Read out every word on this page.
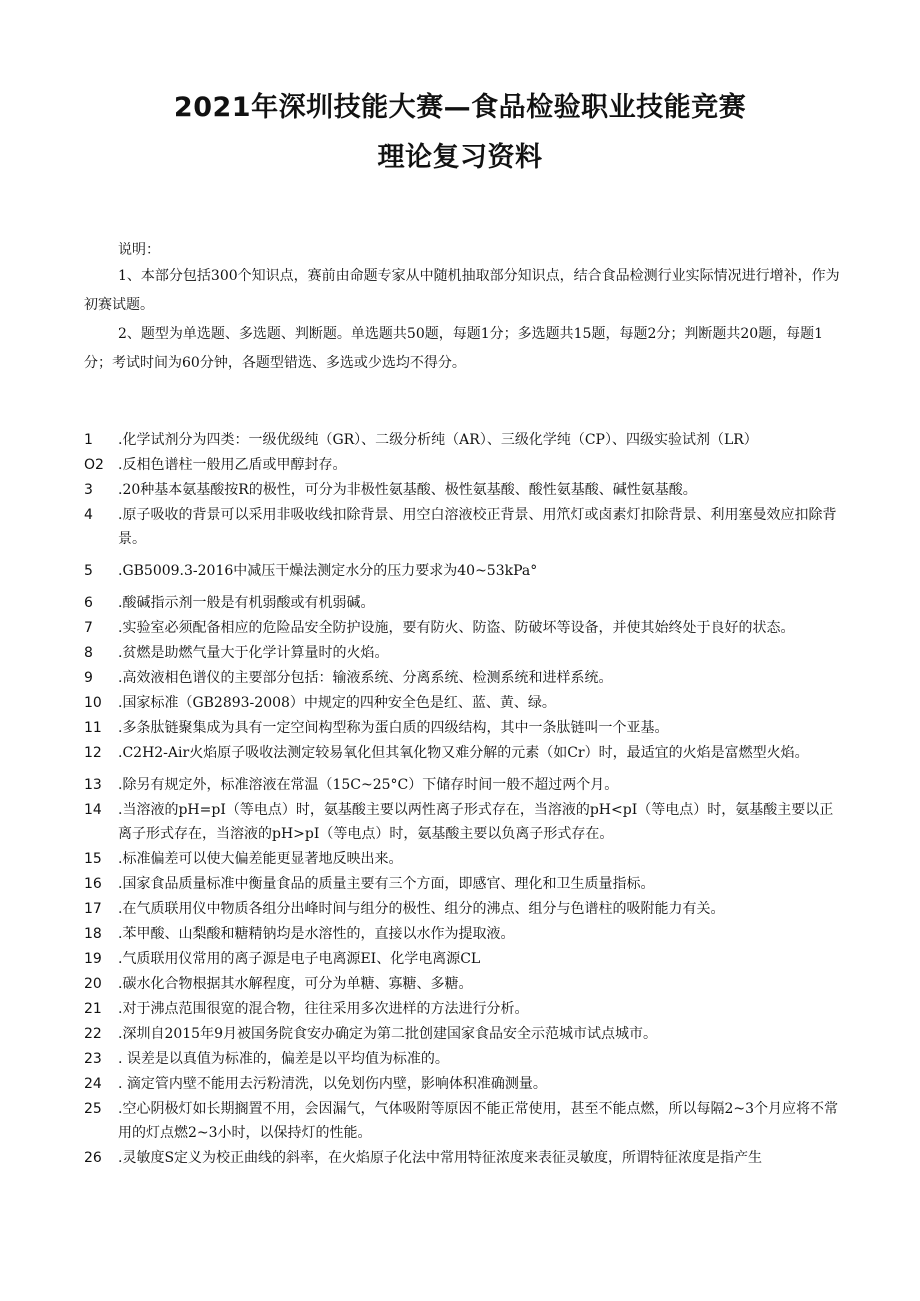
2021年深圳技能大赛—食品检验职业技能竞赛
理论复习资料

说明：

1、本部分包括300个知识点，赛前由命题专家从中随机抽取部分知识点，结合食品检测行业实际情况进行增补，作为初赛试题。

2、题型为单选题、多选题、判断题。单选题共50题，每题1分；多选题共15题，每题2分；判断题共20题，每题1分；考试时间为60分钟，各题型错选、多选或少选均不得分。

1	.化学试剂分为四类：一级优级纯（GR）、二级分析纯（AR）、三级化学纯（CP）、四级实验试剂（LR）
O2	.反相色谱柱一般用乙盾或甲醇封存。
3	.20种基本氨基酸按R的极性，可分为非极性氨基酸、极性氨基酸、酸性氨基酸、碱性氨基酸。
4	.原子吸收的背景可以采用非吸收线扣除背景、用空白溶液校正背景、用笊灯或卤素灯扣除背景、利用塞曼效应扣除背景。
5	.GB5009.3-2016中减压干燥法测定水分的压力要求为40~53kPa°
6	.酸碱指示剂一般是有机弱酸或有机弱碱。
7	.实验室必须配备相应的危险品安全防护设施，要有防火、防盗、防破坏等设备，并使其始终处于良好的状态。
8	.贫燃是助燃气量大于化学计算量时的火焰。
9	.高效液相色谱仪的主要部分包括：输液系统、分离系统、检测系统和进样系统。
10	.国家标准（GB2893-2008）中规定的四种安全色是红、蓝、黄、绿。
11	.多条肽链聚集成为具有一定空间构型称为蛋白质的四级结构，其中一条肽链叫一个亚基。
12	.C2H2-Air火焰原子吸收法测定较易氧化但其氧化物又难分解的元素（如Cr）时，最适宜的火焰是富燃型火焰。
13	.除另有规定外，标准溶液在常温（15C~25°C）下储存时间一般不超过两个月。
14	.当溶液的pH=pI（等电点）时，氨基酸主要以两性离子形式存在，当溶液的pH<pI（等电点）时，氨基酸主要以正离子形式存在，当溶液的pH>pI（等电点）时，氨基酸主要以负离子形式存在。
15	.标准偏差可以使大偏差能更显著地反映出来。
16	.国家食品质量标准中衡量食品的质量主要有三个方面，即感官、理化和卫生质量指标。
17	.在气质联用仪中物质各组分出峰时间与组分的极性、组分的沸点、组分与色谱柱的吸附能力有关。
18	.苯甲酸、山梨酸和糖精钠均是水溶性的，直接以水作为提取液。
19	.气质联用仪常用的离子源是电子电离源EI、化学电离源CL
20	.碳水化合物根据其水解程度，可分为单糖、寡糖、多糖。
21	.对于沸点范围很宽的混合物，往往采用多次进样的方法进行分析。
22	.深圳自2015年9月被国务院食安办确定为第二批创建国家食品安全示范城市试点城市。
23	. 误差是以真值为标准的，偏差是以平均值为标准的。
24	. 滴定管内壁不能用去污粉清洗，以免划伤内壁，影响体积准确测量。
25	.空心阴极灯如长期搁置不用，会因漏气，气体吸附等原因不能正常使用，甚至不能点燃，所以每隔2~3个月应将不常用的灯点燃2~3小时，以保持灯的性能。
26	.灵敏度S定义为校正曲线的斜率，在火焰原子化法中常用特征浓度来表征灵敏度，所谓特征浓度是指产生
